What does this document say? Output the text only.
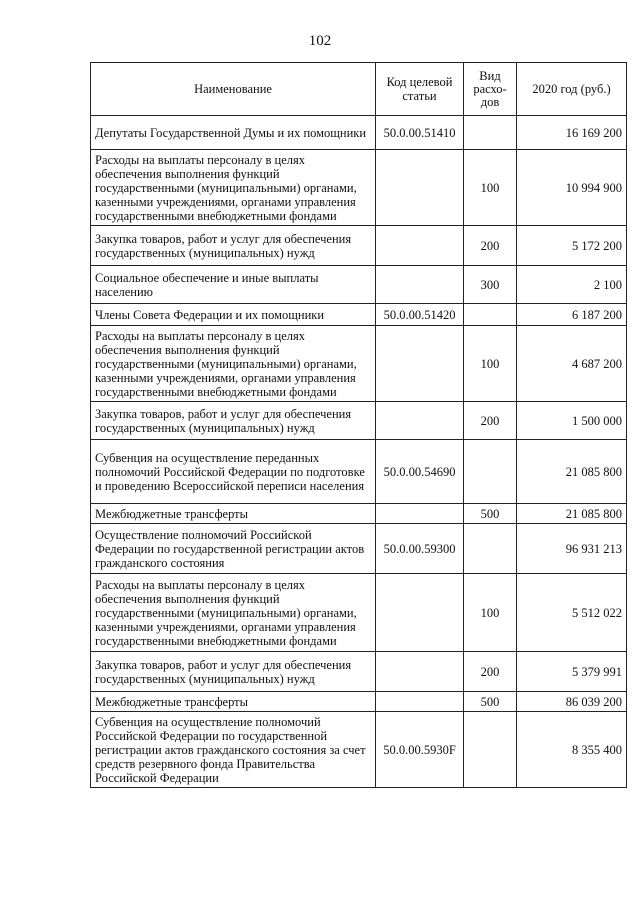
102
Наименование	Код целевой статьи	Вид расхо-дов	2020 год (руб.)
Депутаты Государственной Думы и их помощники	50.0.00.51410		16 169 200
Расходы на выплаты персоналу в целях обеспечения выполнения функций государственными (муниципальными) органами, казенными учреждениями, органами управления государственными внебюджетными фондами		100	10 994 900
Закупка товаров, работ и услуг для обеспечения государственных (муниципальных) нужд		200	5 172 200
Социальное обеспечение и иные выплаты населению		300	2 100
Члены Совета Федерации и их помощники	50.0.00.51420		6 187 200
Расходы на выплаты персоналу в целях обеспечения выполнения функций государственными (муниципальными) органами, казенными учреждениями, органами управления государственными внебюджетными фондами		100	4 687 200
Закупка товаров, работ и услуг для обеспечения государственных (муниципальных) нужд		200	1 500 000
Субвенция на осуществление переданных полномочий Российской Федерации по подготовке и проведению Всероссийской переписи населения	50.0.00.54690		21 085 800
Межбюджетные трансферты		500	21 085 800
Осуществление полномочий Российской Федерации по государственной регистрации актов гражданского состояния	50.0.00.59300		96 931 213
Расходы на выплаты персоналу в целях обеспечения выполнения функций государственными (муниципальными) органами, казенными учреждениями, органами управления государственными внебюджетными фондами		100	5 512 022
Закупка товаров, работ и услуг для обеспечения государственных (муниципальных) нужд		200	5 379 991
Межбюджетные трансферты		500	86 039 200
Субвенция на осуществление полномочий Российской Федерации по государственной регистрации актов гражданского состояния за счет средств резервного фонда Правительства Российской Федерации	50.0.00.5930F		8 355 400
